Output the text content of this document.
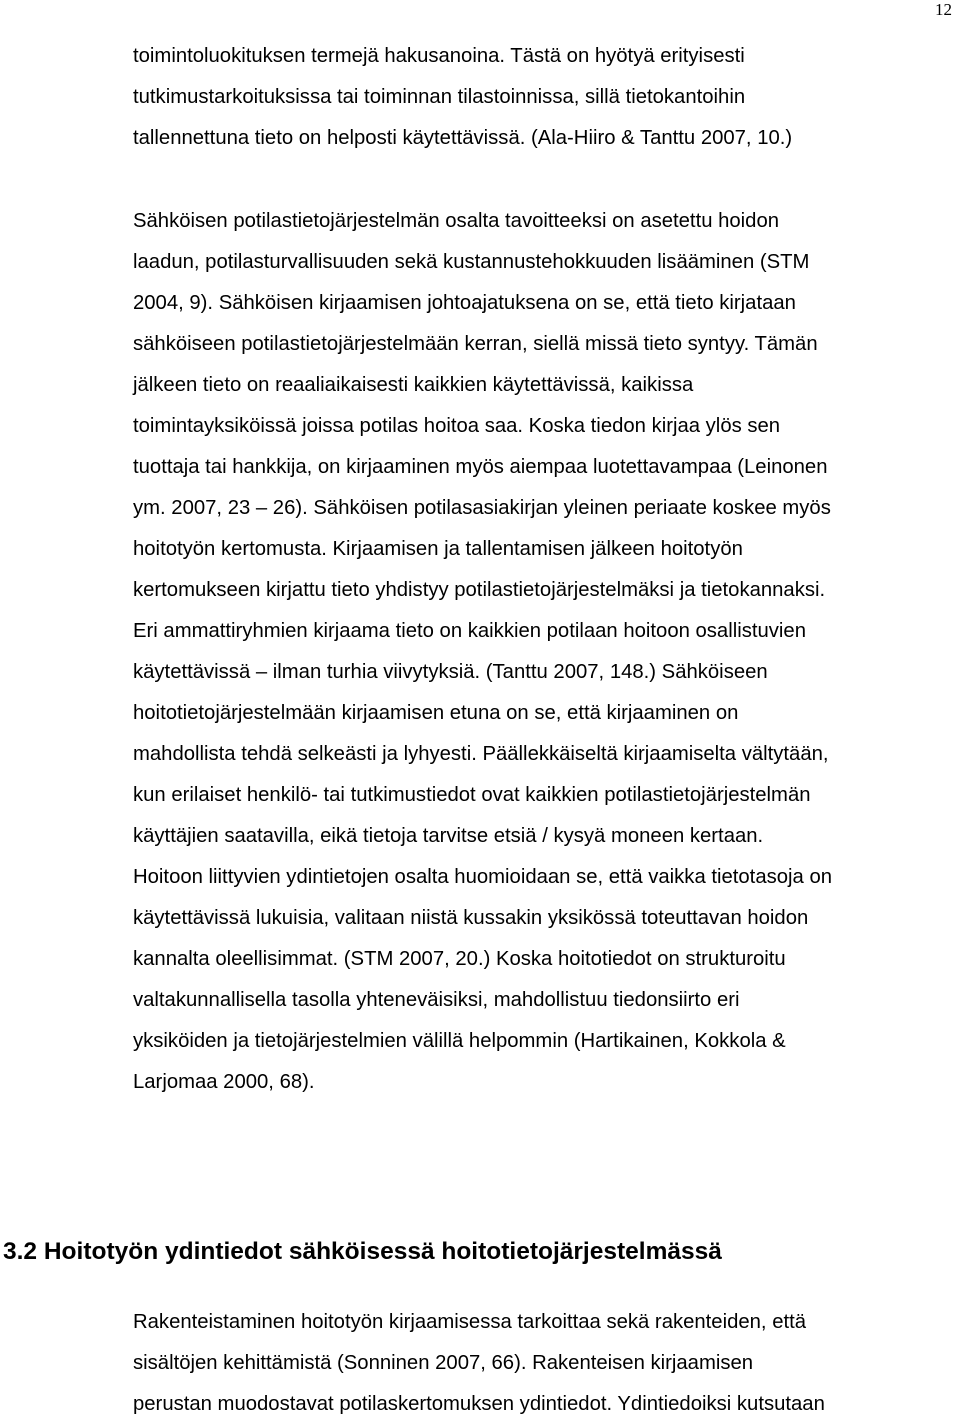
12
toimintoluokituksen termejä hakusanoina. Tästä on hyötyä erityisesti
tutkimustarkoituksissa tai toiminnan tilastoinnissa, sillä tietokantoihin
tallennettuna tieto on helposti käytettävissä. (Ala-Hiiro & Tanttu 2007, 10.)
Sähköisen potilastietojärjestelmän osalta tavoitteeksi on asetettu hoidon
laadun, potilasturvallisuuden sekä kustannustehokkuuden lisääminen (STM
2004, 9). Sähköisen kirjaamisen johtoajatuksena on se, että tieto kirjataan
sähköiseen potilastietojärjestelmään kerran, siellä missä tieto syntyy. Tämän
jälkeen tieto on reaaliaikaisesti kaikkien käytettävissä, kaikissa
toimintayksiköissä joissa potilas hoitoa saa. Koska tiedon kirjaa ylös sen
tuottaja tai hankkija, on kirjaaminen myös aiempaa luotettavampaa (Leinonen
ym. 2007, 23 – 26). Sähköisen potilasasiakirjan yleinen periaate koskee myös
hoitotyön kertomusta. Kirjaamisen ja tallentamisen jälkeen hoitotyön
kertomukseen kirjattu tieto yhdistyy potilastietojärjestelmäksi ja tietokannaksi.
Eri ammattiryhmien kirjaama tieto on kaikkien potilaan hoitoon osallistuvien
käytettävissä – ilman turhia viivytyksiä. (Tanttu 2007, 148.) Sähköiseen
hoitotietojärjestelmään kirjaamisen etuna on se, että kirjaaminen on
mahdollista tehdä selkeästi ja lyhyesti. Päällekkäiseltä kirjaamiselta vältytään,
kun erilaiset henkilö- tai tutkimustiedot ovat kaikkien potilastietojärjestelmän
käyttäjien saatavilla, eikä tietoja tarvitse etsiä / kysyä moneen kertaan.
Hoitoon liittyvien ydintietojen osalta huomioidaan se, että vaikka tietotasoja on
käytettävissä lukuisia, valitaan niistä kussakin yksikössä toteuttavan hoidon
kannalta oleellisimmat. (STM 2007, 20.) Koska hoitotiedot on strukturoitu
valtakunnallisella tasolla yhteneväisiksi, mahdollistuu tiedonsiirto eri
yksiköiden ja tietojärjestelmien välillä helpommin (Hartikainen, Kokkola &
Larjomaa 2000, 68).
3.2 Hoitotyön ydintiedot sähköisessä hoitotietojärjestelmässä
Rakenteistaminen hoitotyön kirjaamisessa tarkoittaa sekä rakenteiden, että
sisältöjen kehittämistä (Sonninen 2007, 66). Rakenteisen kirjaamisen
perustan muodostavat potilaskertomuksen ydintiedot. Ydintiedoiksi kutsutaan
